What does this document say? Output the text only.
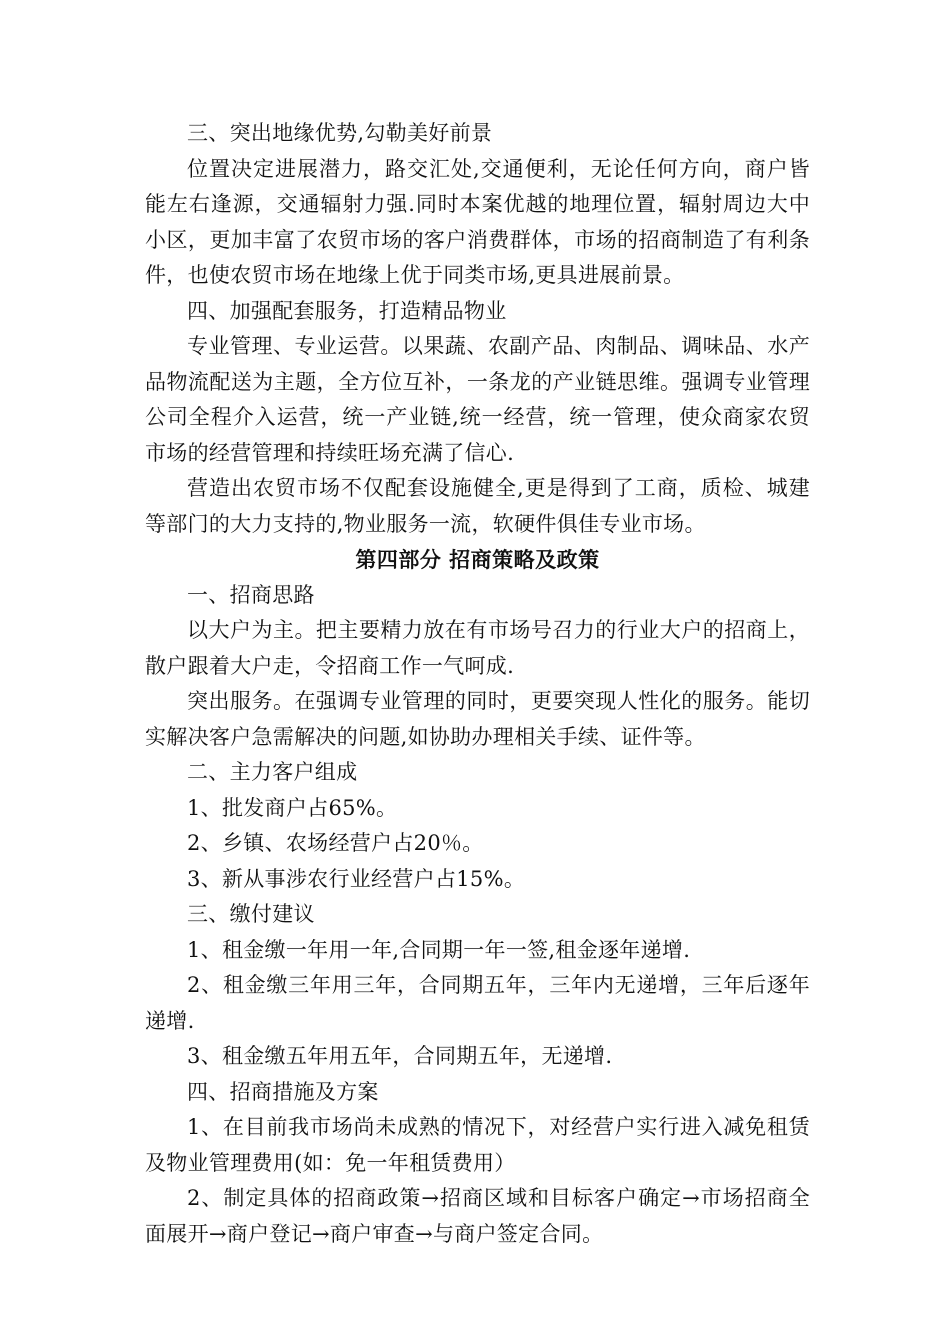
三、突出地缘优势,勾勒美好前景

位置决定进展潜力，路交汇处,交通便利，无论任何方向，商户皆能左右逢源，交通辐射力强.同时本案优越的地理位置，辐射周边大中小区，更加丰富了农贸市场的客户消费群体，市场的招商制造了有利条件，也使农贸市场在地缘上优于同类市场,更具进展前景。

四、加强配套服务，打造精品物业

专业管理、专业运营。以果蔬、农副产品、肉制品、调味品、水产品物流配送为主题，全方位互补，一条龙的产业链思维。强调专业管理公司全程介入运营，统一产业链,统一经营，统一管理，使众商家农贸市场的经营管理和持续旺场充满了信心.

营造出农贸市场不仅配套设施健全,更是得到了工商，质检、城建等部门的大力支持的,物业服务一流，软硬件俱佳专业市场。

第四部分 招商策略及政策

一、招商思路

以大户为主。把主要精力放在有市场号召力的行业大户的招商上，散户跟着大户走，令招商工作一气呵成.

突出服务。在强调专业管理的同时，更要突现人性化的服务。能切实解决客户急需解决的问题,如协助办理相关手续、证件等。

二、主力客户组成

1、批发商户占65%。

2、乡镇、农场经营户占20％。

3、新从事涉农行业经营户占15%。

三、缴付建议

1、租金缴一年用一年,合同期一年一签,租金逐年递增.

2、租金缴三年用三年，合同期五年，三年内无递增，三年后逐年递增.

3、租金缴五年用五年，合同期五年，无递增.

四、招商措施及方案

1、在目前我市场尚未成熟的情况下，对经营户实行进入减免租赁及物业管理费用(如：免一年租赁费用）

2、制定具体的招商政策→招商区域和目标客户确定→市场招商全面展开→商户登记→商户审查→与商户签定合同。
